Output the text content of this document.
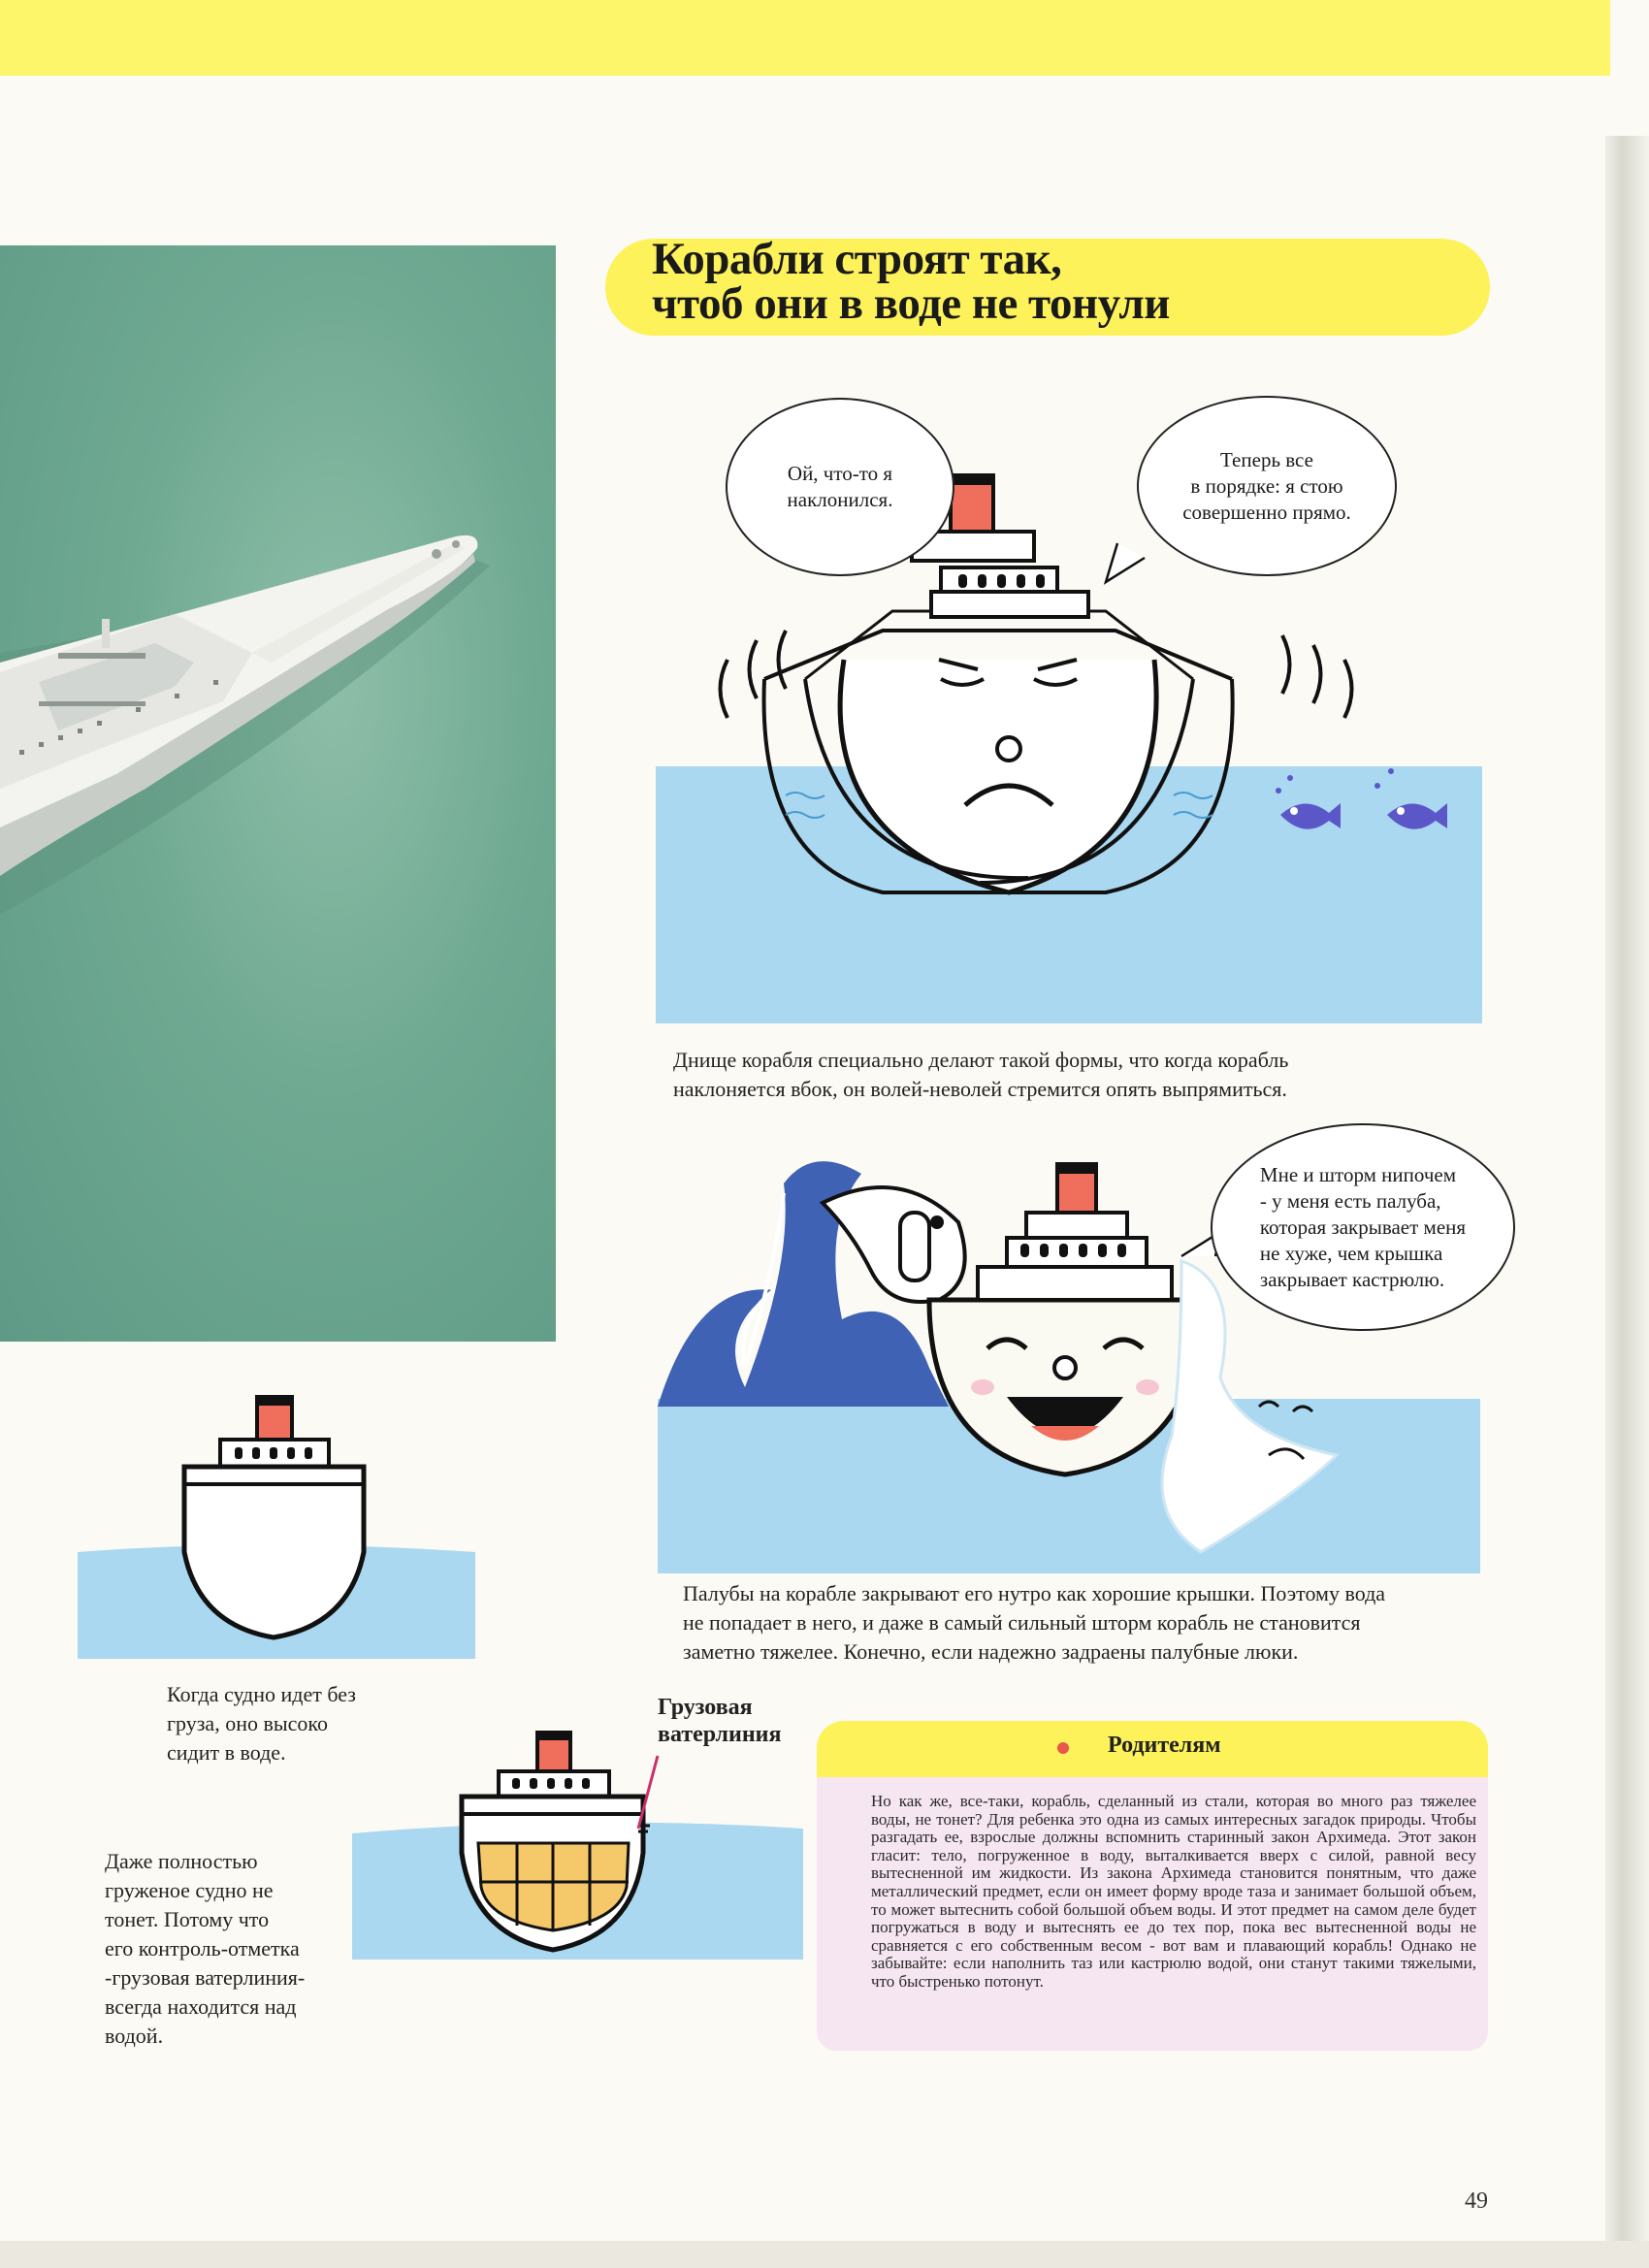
Корабли строят так,
чтоб они в воде не тонули
Ой, что-то я
наклонился.
Теперь все
в порядке: я стою
совершенно прямо.
Днище корабля специально делают такой формы, что когда корабль
наклоняется вбок, он волей-неволей стремится опять выпрямиться.
Мне и шторм нипочем
- у меня есть палуба,
которая закрывает меня
не хуже, чем крышка
закрывает кастрюлю.
Палубы на корабле закрывают его нутро как хорошие крышки. Поэтому вода
не попадает в него, и даже в самый сильный шторм корабль не становится
заметно тяжелее. Конечно, если надежно задраены палубные люки.
Когда судно идет без
груза, оно высоко
сидит в воде.
Грузовая
ватерлиния
Даже полностью
груженое судно не
тонет. Потому что
его контроль-отметка
-грузовая ватерлиния-
всегда находится над
водой.
Родителям
Но как же, все-таки, корабль, сделанный из стали, которая во много раз тяжелее воды, не тонет? Для ребенка это одна из самых интересных загадок природы. Чтобы разгадать ее, взрослые должны вспомнить старинный закон Архимеда. Этот закон гласит: тело, погруженное в воду, выталкивается вверх с силой, равной весу вытесненной им жидкости. Из закона Архимеда становится понятным, что даже металлический предмет, если он имеет форму вроде таза и занимает большой объем, то может вытеснить собой большой объем воды. И этот предмет на самом деле будет погружаться в воду и вытеснять ее до тех пор, пока вес вытесненной воды не сравняется с его собственным весом - вот вам и плавающий корабль! Однако не забывайте: если наполнить таз или кастрюлю водой, они станут такими тяжелыми, что быстренько потонут.
49
